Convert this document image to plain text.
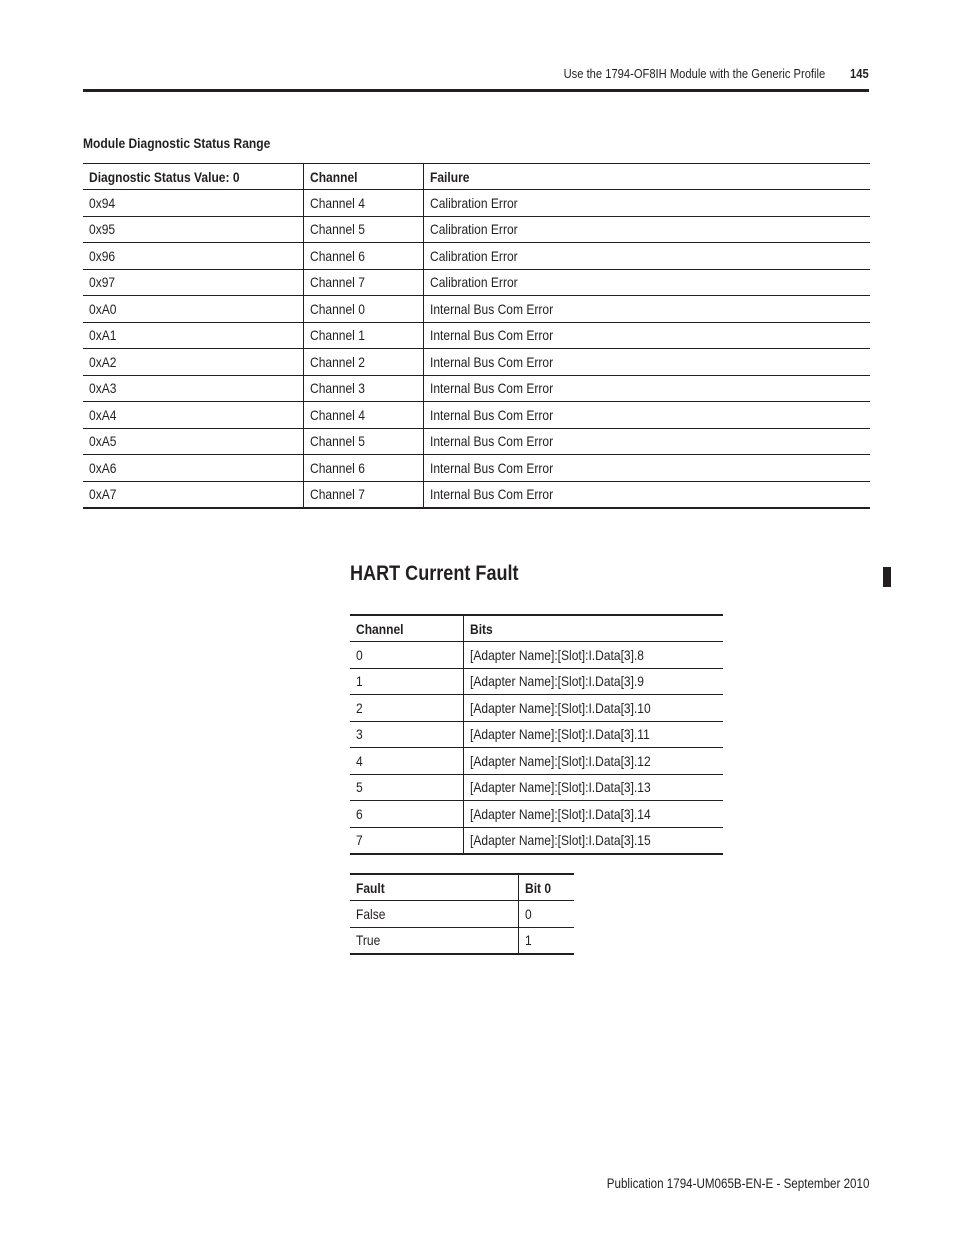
Use the 1794-OF8IH Module with the Generic Profile 145
Module Diagnostic Status Range
Diagnostic Status Value: 0	Channel	Failure
0x94	Channel 4	Calibration Error
0x95	Channel 5	Calibration Error
0x96	Channel 6	Calibration Error
0x97	Channel 7	Calibration Error
0xA0	Channel 0	Internal Bus Com Error
0xA1	Channel 1	Internal Bus Com Error
0xA2	Channel 2	Internal Bus Com Error
0xA3	Channel 3	Internal Bus Com Error
0xA4	Channel 4	Internal Bus Com Error
0xA5	Channel 5	Internal Bus Com Error
0xA6	Channel 6	Internal Bus Com Error
0xA7	Channel 7	Internal Bus Com Error
HART Current Fault
Channel	Bits
0	[Adapter Name]:[Slot]:I.Data[3].8
1	[Adapter Name]:[Slot]:I.Data[3].9
2	[Adapter Name]:[Slot]:I.Data[3].10
3	[Adapter Name]:[Slot]:I.Data[3].11
4	[Adapter Name]:[Slot]:I.Data[3].12
5	[Adapter Name]:[Slot]:I.Data[3].13
6	[Adapter Name]:[Slot]:I.Data[3].14
7	[Adapter Name]:[Slot]:I.Data[3].15
Fault	Bit 0
False	0
True	1
Publication 1794-UM065B-EN-E - September 2010
